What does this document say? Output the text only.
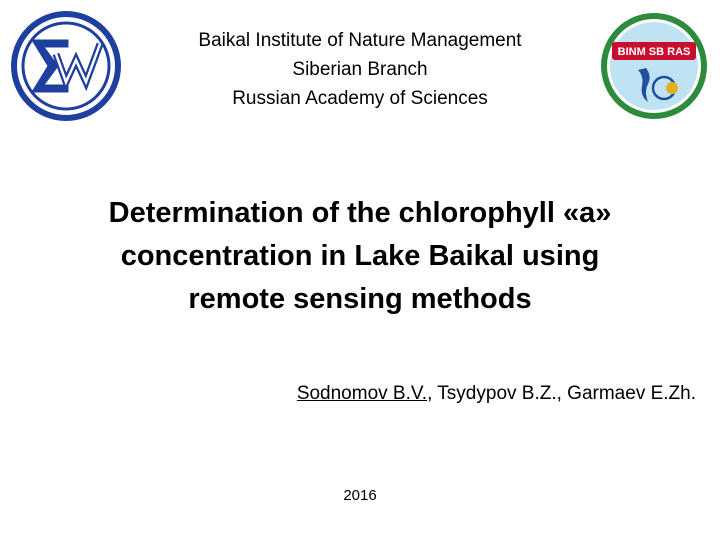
BINM SB RAS
Baikal Institute of Nature Management
Siberian Branch
Russian Academy of Sciences
Determination of the chlorophyll «a»
concentration in Lake Baikal using
remote sensing methods
Sodnomov B.V., Tsydypov B.Z., Garmaev E.Zh.
2016
